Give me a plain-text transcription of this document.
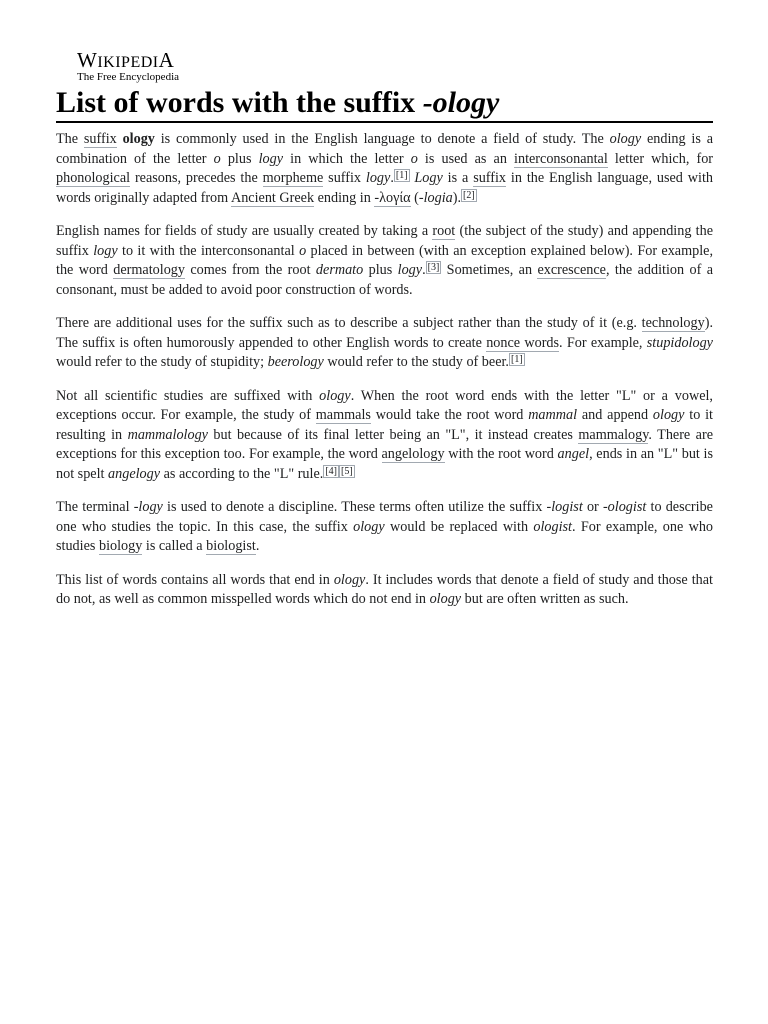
WIKIPEDIA
The Free Encyclopedia
List of words with the suffix -ology

The suffix ology is commonly used in the English language to denote a field of study. The ology ending is a combination of the letter o plus logy in which the letter o is used as an interconsonantal letter which, for phonological reasons, precedes the morpheme suffix logy. [1] Logy is a suffix in the English language, used with words originally adapted from Ancient Greek ending in -λογία (-logia). [2]

English names for fields of study are usually created by taking a root (the subject of the study) and appending the suffix logy to it with the interconsonantal o placed in between (with an exception explained below). For example, the word dermatology comes from the root dermato plus logy. [3] Sometimes, an excrescence, the addition of a consonant, must be added to avoid poor construction of words.

There are additional uses for the suffix such as to describe a subject rather than the study of it (e.g. technology). The suffix is often humorously appended to other English words to create nonce words. For example, stupidology would refer to the study of stupidity; beerology would refer to the study of beer. [1]

Not all scientific studies are suffixed with ology. When the root word ends with the letter "L" or a vowel, exceptions occur. For example, the study of mammals would take the root word mammal and append ology to it resulting in mammalology but because of its final letter being an "L", it instead creates mammalogy. There are exceptions for this exception too. For example, the word angelology with the root word angel, ends in an "L" but is not spelt angelogy as according to the "L" rule. [4] [5]

The terminal -logy is used to denote a discipline. These terms often utilize the suffix -logist or -ologist to describe one who studies the topic. In this case, the suffix ology would be replaced with ologist. For example, one who studies biology is called a biologist.

This list of words contains all words that end in ology. It includes words that denote a field of study and those that do not, as well as common misspelled words which do not end in ology but are often written as such.
